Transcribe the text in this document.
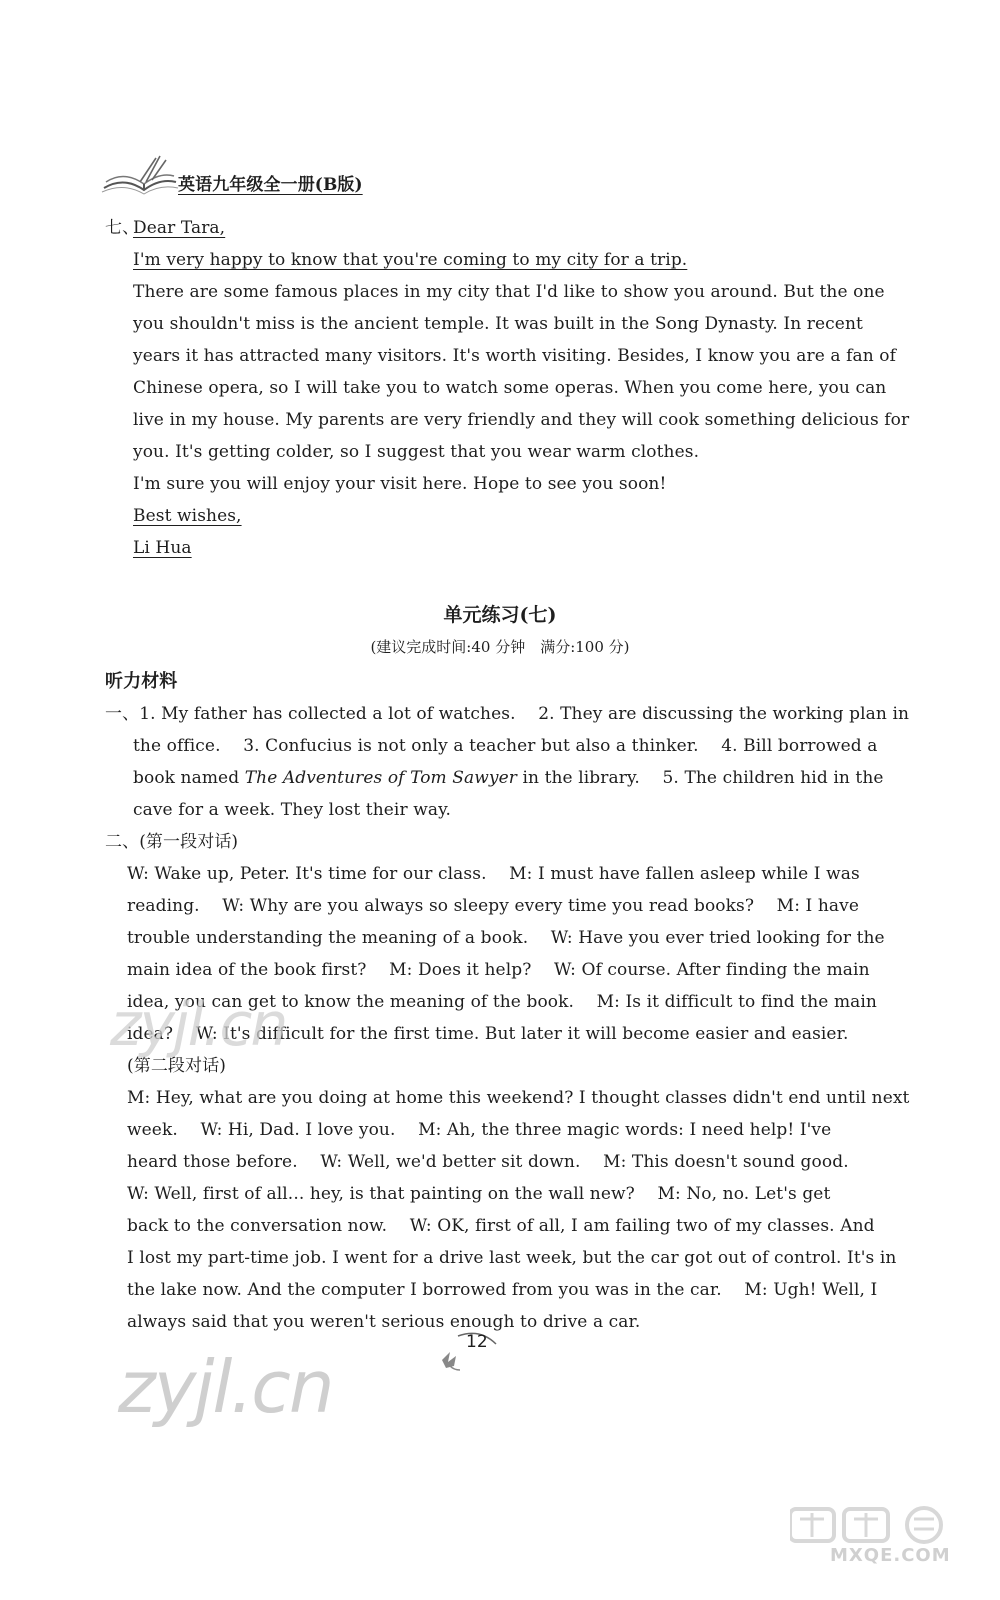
英语九年级全一册(B版)
七、
Dear Tara,
I'm very happy to know that you're coming to my city for a trip.
There are some famous places in my city that I'd like to show you around. But the one
you shouldn't miss is the ancient temple. It was built in the Song Dynasty. In recent
years it has attracted many visitors. It's worth visiting. Besides, I know you are a fan of
Chinese opera, so I will take you to watch some operas. When you come here, you can
live in my house. My parents are very friendly and they will cook something delicious for
you. It's getting colder, so I suggest that you wear warm clothes.
I'm sure you will enjoy your visit here. Hope to see you soon!
Best wishes,
Li Hua
单元练习(七)
(建议完成时间:40 分钟　满分:100 分)
听力材料
一、1. My father has collected a lot of watches.　 2. They are discussing the working plan in
the office.　 3. Confucius is not only a teacher but also a thinker.　 4. Bill borrowed a
book named The Adventures of Tom Sawyer in the library.　 5. The children hid in the
cave for a week. They lost their way.
二、(第一段对话)
W: Wake up, Peter. It's time for our class.　 M: I must have fallen asleep while I was
reading.　 W: Why are you always so sleepy every time you read books?　 M: I have
trouble understanding the meaning of a book.　 W: Have you ever tried looking for the
main idea of the book first?　 M: Does it help?　 W: Of course. After finding the main
idea, you can get to know the meaning of the book.　 M: Is it difficult to find the main
idea?　 W: It's difficult for the first time. But later it will become easier and easier.
(第二段对话)
M: Hey, what are you doing at home this weekend? I thought classes didn't end until next
week.　 W: Hi, Dad. I love you.　 M: Ah, the three magic words: I need help! I've
heard those before.　 W: Well, we'd better sit down.　 M: This doesn't sound good.
W: Well, first of all... hey, is that painting on the wall new?　 M: No, no. Let's get
back to the conversation now.　 W: OK, first of all, I am failing two of my classes. And
I lost my part-time job. I went for a drive last week, but the car got out of control. It's in
the lake now. And the computer I borrowed from you was in the car.　 M: Ugh! Well, I
always said that you weren't serious enough to drive a car.
zyjl.cn
zyjl.cn
MXQE.COM
12
